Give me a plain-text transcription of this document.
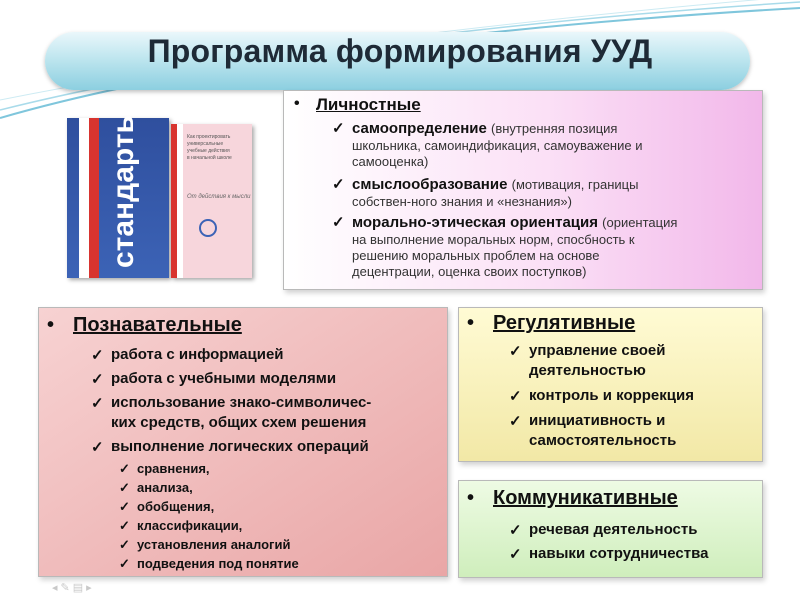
Программа формирования УУД
стандарты	Как проектировать
универсальные
учебные действия
в начальной школе
От действия к мысли
• Личностные
✓ самоопределение (внутренняя позиция
школьника, самоиндификация, самоуважение и
самооценка)
✓ смыслообразование (мотивация, границы
собствен-ного знания и «незнания»)
✓ морально-этическая ориентация (ориентация
на выполнение моральных норм, спосбность к
решению моральных проблем на основе
децентрации, оценка своих поступков)
• Познавательные
✓ работа с информацией
✓ работа с учебными моделями
✓ использование знако-символичес-
ких средств, общих схем решения
✓ выполнение логических операций
✓ сравнения,
✓ анализа,
✓ обобщения,
✓ классификации,
✓ установления аналогий
✓ подведения под понятие
• Регулятивные
✓ управление своей
деятельностью
✓ контроль и коррекция
✓ инициативность и
самостоятельность
• Коммуникативные
✓ речевая деятельность
✓ навыки сотрудничества
◂✎▤▸
